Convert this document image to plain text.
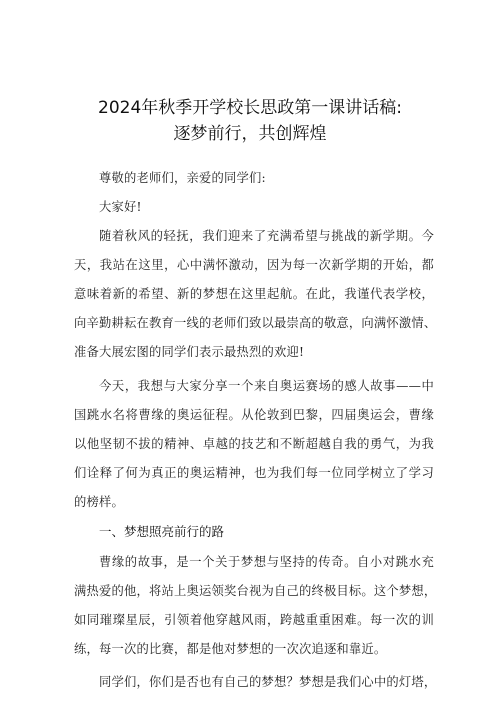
2024年秋季开学校长思政第一课讲话稿:
逐梦前行，共创辉煌
尊敬的老师们，亲爱的同学们:
大家好!
随着秋风的轻抚，我们迎来了充满希望与挑战的新学期。今
天，我站在这里，心中满怀激动，因为每一次新学期的开始，都
意味着新的希望、新的梦想在这里起航。在此，我谨代表学校，
向辛勤耕耘在教育一线的老师们致以最崇高的敬意，向满怀激情、
准备大展宏图的同学们表示最热烈的欢迎!
今天，我想与大家分享一个来自奥运赛场的感人故事——中
国跳水名将曹缘的奥运征程。从伦敦到巴黎，四届奥运会，曹缘
以他坚韧不拔的精神、卓越的技艺和不断超越自我的勇气，为我
们诠释了何为真正的奥运精神，也为我们每一位同学树立了学习
的榜样。
一、梦想照亮前行的路
曹缘的故事，是一个关于梦想与坚持的传奇。自小对跳水充
满热爱的他，将站上奥运领奖台视为自己的终极目标。这个梦想，
如同璀璨星辰，引领着他穿越风雨，跨越重重困难。每一次的训
练，每一次的比赛，都是他对梦想的一次次追逐和靠近。
同学们，你们是否也有自己的梦想？梦想是我们心中的灯塔，
